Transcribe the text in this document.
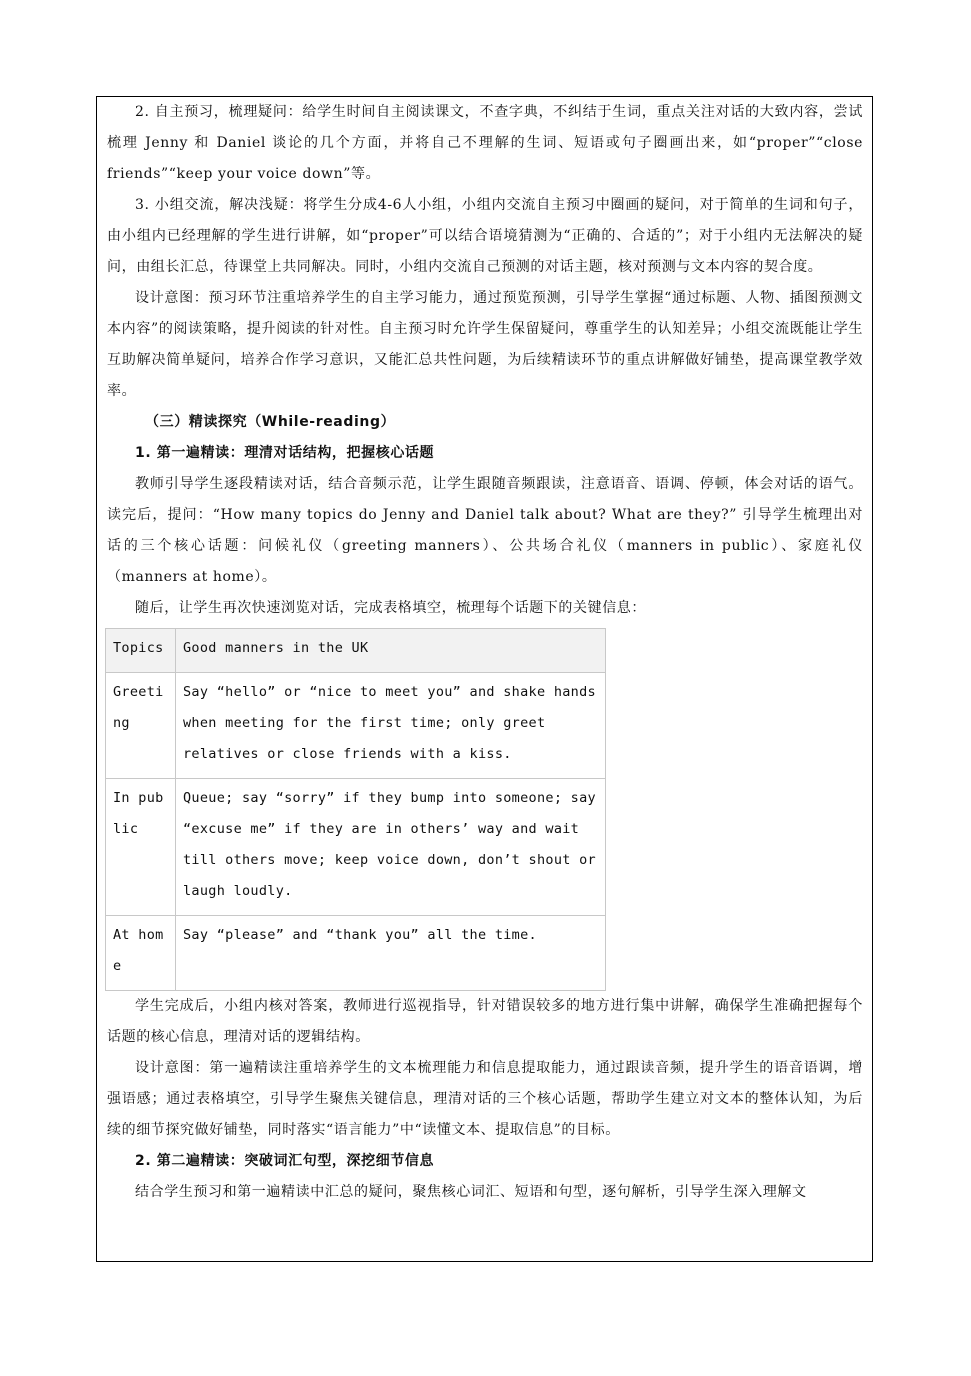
2. 自主预习，梳理疑问：给学生时间自主阅读课文，不查字典，不纠结于生词，重点关注对话的大致内容，尝试梳理 Jenny 和 Daniel 谈论的几个方面，并将自己不理解的生词、短语或句子圈画出来，如“proper”“close friends”“keep your voice down”等。

3. 小组交流，解决浅疑：将学生分成4-6人小组，小组内交流自主预习中圈画的疑问，对于简单的生词和句子，由小组内已经理解的学生进行讲解，如“proper”可以结合语境猜测为“正确的、合适的”；对于小组内无法解决的疑问，由组长汇总，待课堂上共同解决。同时，小组内交流自己预测的对话主题，核对预测与文本内容的契合度。

设计意图：预习环节注重培养学生的自主学习能力，通过预览预测，引导学生掌握“通过标题、人物、插图预测文本内容”的阅读策略，提升阅读的针对性。自主预习时允许学生保留疑问，尊重学生的认知差异；小组交流既能让学生互助解决简单疑问，培养合作学习意识，又能汇总共性问题，为后续精读环节的重点讲解做好铺垫，提高课堂教学效率。

（三）精读探究（While-reading）

1. 第一遍精读：理清对话结构，把握核心话题

教师引导学生逐段精读对话，结合音频示范，让学生跟随音频跟读，注意语音、语调、停顿，体会对话的语气。读完后，提问：“How many topics do Jenny and Daniel talk about? What are they?” 引导学生梳理出对话的三个核心话题：问候礼仪（greeting manners）、公共场合礼仪（manners in public）、家庭礼仪（manners at home）。

随后，让学生再次快速浏览对话，完成表格填空，梳理每个话题下的关键信息：

Topics	Good manners in the UK
Greeting	Say “hello” or “nice to meet you” and shake hands when meeting for the first time; only greet relatives or close friends with a kiss.
In public	Queue; say “sorry” if they bump into someone; say “excuse me” if they are in others’ way and wait till others move; keep voice down, don’t shout or laugh loudly.
At home	Say “please” and “thank you” all the time.

学生完成后，小组内核对答案，教师进行巡视指导，针对错误较多的地方进行集中讲解，确保学生准确把握每个话题的核心信息，理清对话的逻辑结构。

设计意图：第一遍精读注重培养学生的文本梳理能力和信息提取能力，通过跟读音频，提升学生的语音语调，增强语感；通过表格填空，引导学生聚焦关键信息，理清对话的三个核心话题，帮助学生建立对文本的整体认知，为后续的细节探究做好铺垫，同时落实“语言能力”中“读懂文本、提取信息”的目标。

2. 第二遍精读：突破词汇句型，深挖细节信息

结合学生预习和第一遍精读中汇总的疑问，聚焦核心词汇、短语和句型，逐句解析，引导学生深入理解文
